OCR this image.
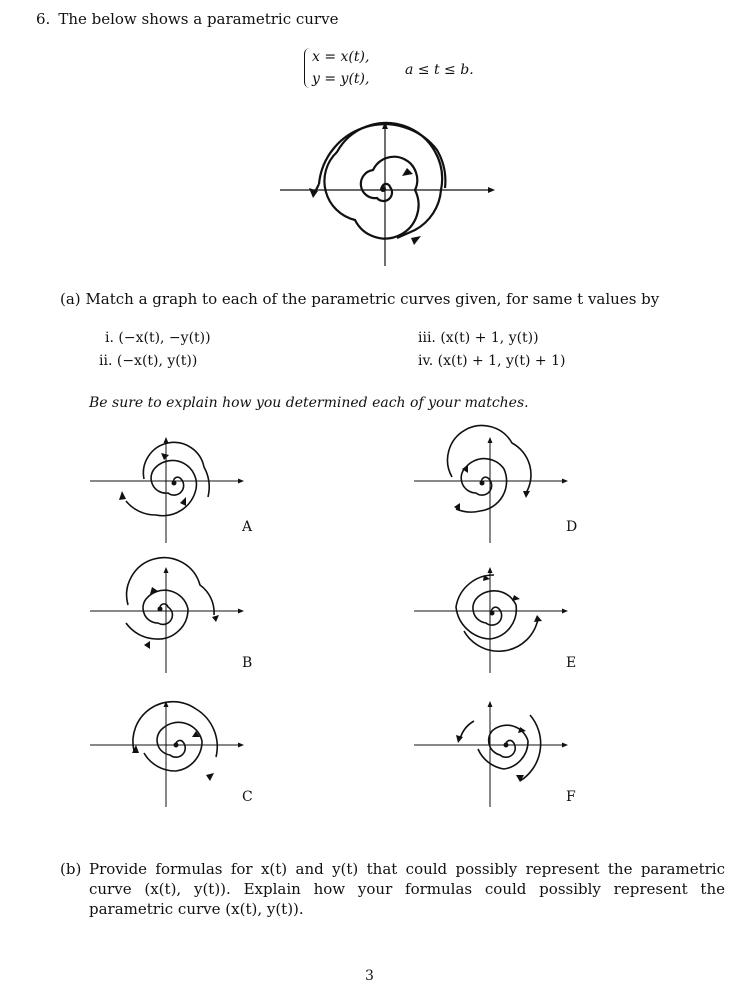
6. The below shows a parametric curve
x = x(t),
y = y(t),
a ≤ t ≤ b.
(a) Match a graph to each of the parametric curves given, for same t values by
i. (−x(t), −y(t))
ii. (−x(t), y(t))
iii. (x(t) + 1, y(t))
iv. (x(t) + 1, y(t) + 1)
Be sure to explain how you determined each of your matches.
A	D
B	E
C	F
(b) Provide formulas for x(t) and y(t) that could possibly represent the parametric curve (x(t), y(t)). Explain how your formulas could possibly represent the parametric curve (x(t), y(t)).
3
